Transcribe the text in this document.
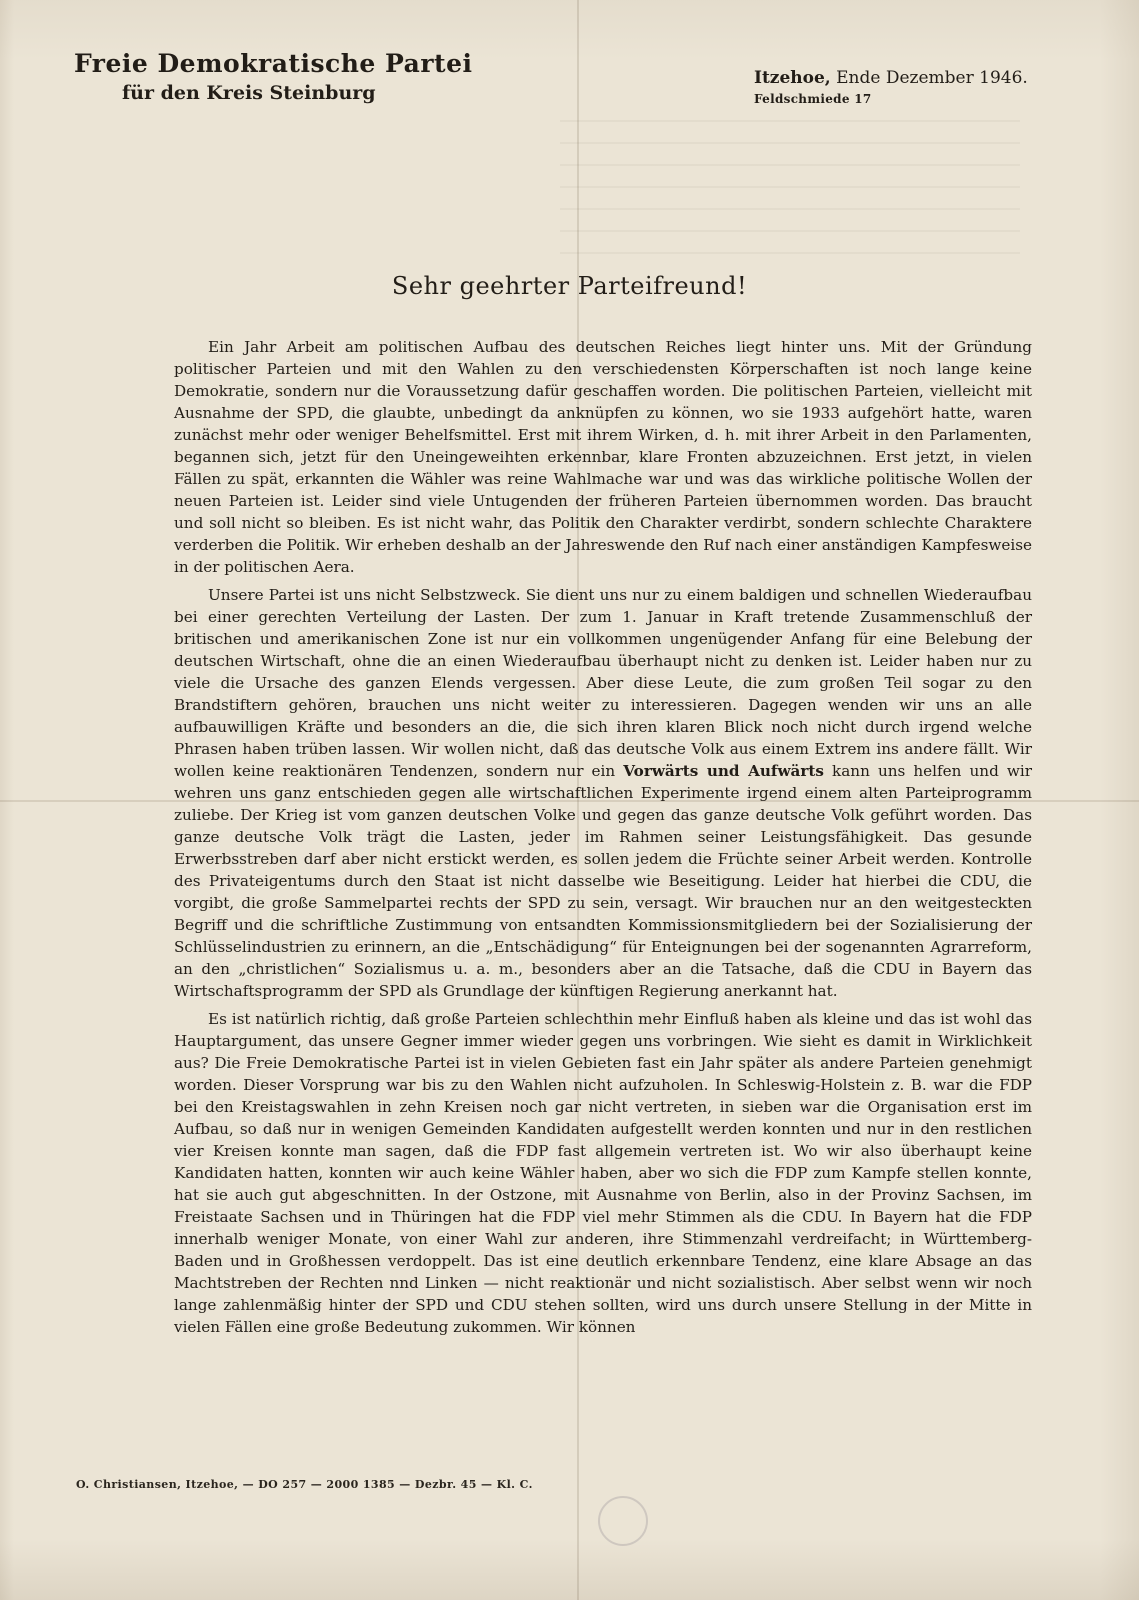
Freie Demokratische Partei
für den Kreis Steinburg
Itzehoe, Ende Dezember 1946.
Feldschmiede 17
Sehr geehrter Parteifreund!

Ein Jahr Arbeit am politischen Aufbau des deutschen Reiches liegt hinter uns. Mit der Gründung politischer Parteien und mit den Wahlen zu den verschiedensten Körperschaften ist noch lange keine Demokratie, sondern nur die Voraussetzung dafür geschaffen worden. Die politischen Parteien, vielleicht mit Ausnahme der SPD, die glaubte, unbedingt da anknüpfen zu können, wo sie 1933 aufgehört hatte, waren zunächst mehr oder weniger Behelfsmittel. Erst mit ihrem Wirken, d. h. mit ihrer Arbeit in den Parlamenten, begannen sich, jetzt für den Uneingeweihten erkennbar, klare Fronten abzuzeichnen. Erst jetzt, in vielen Fällen zu spät, erkannten die Wähler was reine Wahlmache war und was das wirkliche politische Wollen der neuen Parteien ist. Leider sind viele Untugenden der früheren Parteien übernommen worden. Das braucht und soll nicht so bleiben. Es ist nicht wahr, das Politik den Charakter verdirbt, sondern schlechte Charaktere verderben die Politik. Wir erheben deshalb an der Jahreswende den Ruf nach einer anständigen Kampfesweise in der politischen Aera.

Unsere Partei ist uns nicht Selbstzweck. Sie dient uns nur zu einem baldigen und schnellen Wiederaufbau bei einer gerechten Verteilung der Lasten. Der zum 1. Januar in Kraft tretende Zusammenschluß der britischen und amerikanischen Zone ist nur ein vollkommen ungenügender Anfang für eine Belebung der deutschen Wirtschaft, ohne die an einen Wiederaufbau überhaupt nicht zu denken ist. Leider haben nur zu viele die Ursache des ganzen Elends vergessen. Aber diese Leute, die zum großen Teil sogar zu den Brandstiftern gehören, brauchen uns nicht weiter zu interessieren. Dagegen wenden wir uns an alle aufbauwilligen Kräfte und besonders an die, die sich ihren klaren Blick noch nicht durch irgend welche Phrasen haben trüben lassen. Wir wollen nicht, daß das deutsche Volk aus einem Extrem ins andere fällt. Wir wollen keine reaktionären Tendenzen, sondern nur ein Vorwärts und Aufwärts kann uns helfen und wir wehren uns ganz entschieden gegen alle wirtschaftlichen Experimente irgend einem alten Parteiprogramm zuliebe. Der Krieg ist vom ganzen deutschen Volke und gegen das ganze deutsche Volk geführt worden. Das ganze deutsche Volk trägt die Lasten, jeder im Rahmen seiner Leistungsfähigkeit. Das gesunde Erwerbsstreben darf aber nicht erstickt werden, es sollen jedem die Früchte seiner Arbeit werden. Kontrolle des Privateigentums durch den Staat ist nicht dasselbe wie Beseitigung. Leider hat hierbei die CDU, die vorgibt, die große Sammelpartei rechts der SPD zu sein, versagt. Wir brauchen nur an den weitgesteckten Begriff und die schriftliche Zustimmung von entsandten Kommissionsmitgliedern bei der Sozialisierung der Schlüsselindustrien zu erinnern, an die „Entschädigung“ für Enteignungen bei der sogenannten Agrarreform, an den „christlichen“ Sozialismus u. a. m., besonders aber an die Tatsache, daß die CDU in Bayern das Wirtschaftsprogramm der SPD als Grundlage der künftigen Regierung anerkannt hat.

Es ist natürlich richtig, daß große Parteien schlechthin mehr Einfluß haben als kleine und das ist wohl das Hauptargument, das unsere Gegner immer wieder gegen uns vorbringen. Wie sieht es damit in Wirklichkeit aus? Die Freie Demokratische Partei ist in vielen Gebieten fast ein Jahr später als andere Parteien genehmigt worden. Dieser Vorsprung war bis zu den Wahlen nicht aufzuholen. In Schleswig-Holstein z. B. war die FDP bei den Kreistagswahlen in zehn Kreisen noch gar nicht vertreten, in sieben war die Organisation erst im Aufbau, so daß nur in wenigen Gemeinden Kandidaten aufgestellt werden konnten und nur in den restlichen vier Kreisen konnte man sagen, daß die FDP fast allgemein vertreten ist. Wo wir also überhaupt keine Kandidaten hatten, konnten wir auch keine Wähler haben, aber wo sich die FDP zum Kampfe stellen konnte, hat sie auch gut abgeschnitten. In der Ostzone, mit Ausnahme von Berlin, also in der Provinz Sachsen, im Freistaate Sachsen und in Thüringen hat die FDP viel mehr Stimmen als die CDU. In Bayern hat die FDP innerhalb weniger Monate, von einer Wahl zur anderen, ihre Stimmenzahl verdreifacht; in Württemberg-Baden und in Großhessen verdoppelt. Das ist eine deutlich erkennbare Tendenz, eine klare Absage an das Machtstreben der Rechten nnd Linken — nicht reaktionär und nicht sozialistisch. Aber selbst wenn wir noch lange zahlenmäßig hinter der SPD und CDU stehen sollten, wird uns durch unsere Stellung in der Mitte in vielen Fällen eine große Bedeutung zukommen. Wir können

O. Christiansen, Itzehoe, — DO 257 — 2000 1385 — Dezbr. 45 — Kl. C.
